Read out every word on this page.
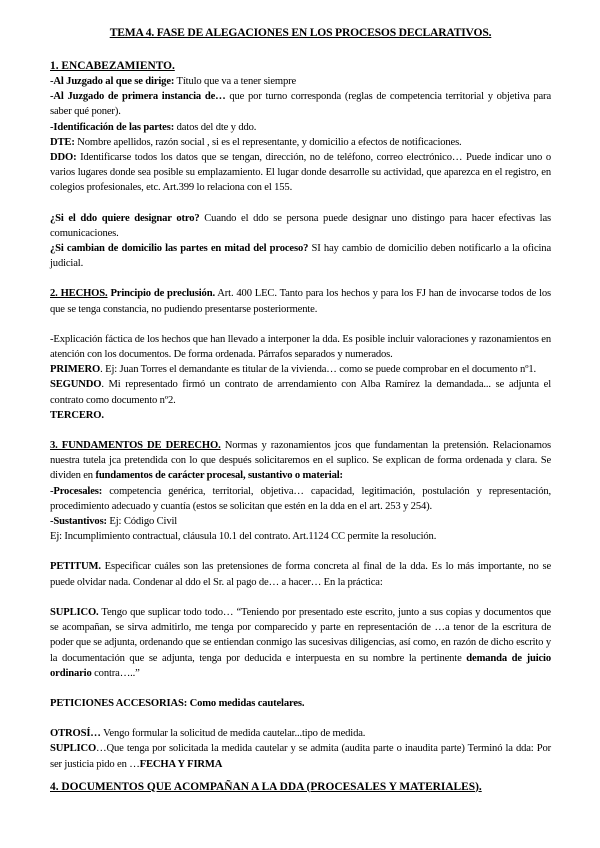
TEMA 4. FASE DE ALEGACIONES EN LOS PROCESOS DECLARATIVOS.
1. ENCABEZAMIENTO.

-Al Juzgado al que se dirige: Título que va a tener siempre

-Al Juzgado de primera instancia de… que por turno corresponda (reglas de competencia territorial y objetiva para saber qué poner).

-Identificación de las partes: datos del dte y ddo.

DTE: Nombre apellidos, razón social , si es el representante, y domicilio a efectos de notificaciones.

DDO: Identificarse todos los datos que se tengan, dirección, no de teléfono, correo electrónico… Puede indicar uno o varios lugares donde sea posible su emplazamiento. El lugar donde desarrolle su actividad, que aparezca en el registro, en colegios profesionales, etc. Art.399 lo relaciona con el 155.

¿Si el ddo quiere designar otro? Cuando el ddo se persona puede designar uno distingo para hacer efectivas las comunicaciones.

¿Si cambian de domicilio las partes en mitad del proceso? SI hay cambio de domicilio deben notificarlo a la oficina judicial.

2. HECHOS. Principio de preclusión. Art. 400 LEC. Tanto para los hechos y para los FJ han de invocarse todos de los que se tenga constancia, no pudiendo presentarse posteriormente.

-Explicación fáctica de los hechos que han llevado a interponer la dda. Es posible incluir valoraciones y razonamientos en atención con los documentos. De forma ordenada. Párrafos separados y numerados.

PRIMERO. Ej: Juan Torres el demandante es titular de la vivienda… como se puede comprobar en el documento nº1.

SEGUNDO. Mi representado firmó un contrato de arrendamiento con Alba Ramírez la demandada... se adjunta el contrato como documento nº2.

TERCERO.

3. FUNDAMENTOS DE DERECHO. Normas y razonamientos jcos que fundamentan la pretensión. Relacionamos nuestra tutela jca pretendida con lo que después solicitaremos en el suplico. Se explican de forma ordenada y clara. Se dividen en fundamentos de carácter procesal, sustantivo o material:

-Procesales: competencia genérica, territorial, objetiva… capacidad, legitimación, postulación y representación, procedimiento adecuado y cuantía (estos se solicitan que estén en la dda en el art. 253 y 254).

-Sustantivos: Ej: Código Civil

Ej: Incumplimiento contractual, cláusula 10.1 del contrato. Art.1124 CC permite la resolución.

PETITUM. Especificar cuáles son las pretensiones de forma concreta al final de la dda. Es lo más importante, no se puede olvidar nada. Condenar al ddo el Sr. al pago de… a hacer… En la práctica:

SUPLICO. Tengo que suplicar todo todo… “Teniendo por presentado este escrito, junto a sus copias y documentos que se acompañan, se sirva admitirlo, me tenga por comparecido y parte en representación de …a tenor de la escritura de poder que se adjunta, ordenando que se entiendan conmigo las sucesivas diligencias, así como, en razón de dicho escrito y la documentación que se adjunta, tenga por deducida e interpuesta en su nombre la pertinente demanda de juicio ordinario contra…..”

PETICIONES ACCESORIAS: Como medidas cautelares.

OTROSÍ… Vengo formular la solicitud de medida cautelar...tipo de medida.

SUPLICO…Que tenga por solicitada la medida cautelar y se admita (audita parte o inaudita parte) Terminó la dda: Por ser justicia pido en …FECHA Y FIRMA

4. DOCUMENTOS QUE ACOMPAÑAN A LA DDA (PROCESALES Y MATERIALES).
